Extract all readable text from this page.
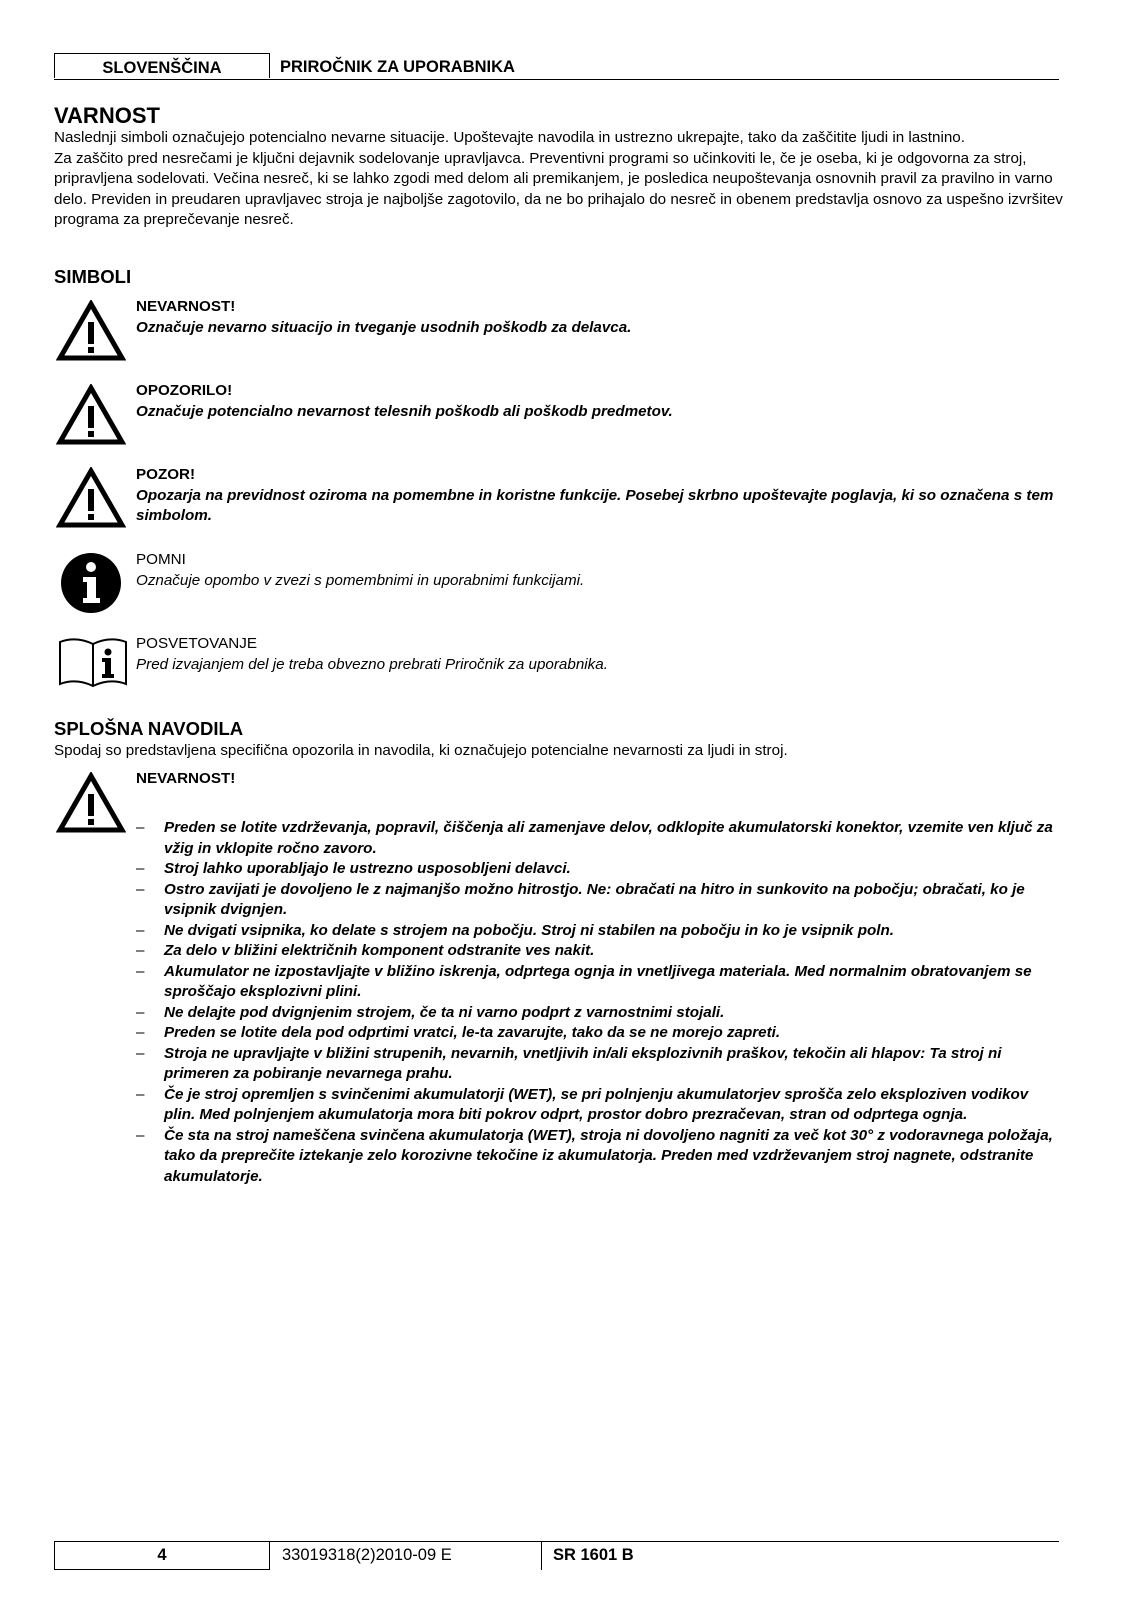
SLOVENŠČINA	PRIROČNIK ZA UPORABNIKA
VARNOST

Naslednji simboli označujejo potencialno nevarne situacije. Upoštevajte navodila in ustrezno ukrepajte, tako da zaščitite ljudi in lastnino.

Za zaščito pred nesrečami je ključni dejavnik sodelovanje upravljavca. Preventivni programi so učinkoviti le, če je oseba, ki je odgovorna za stroj, pripravljena sodelovati. Večina nesreč, ki se lahko zgodi med delom ali premikanjem, je posledica neupoštevanja osnovnih pravil za pravilno in varno delo. Previden in preudaren upravljavec stroja je najboljše zagotovilo, da ne bo prihajalo do nesreč in obenem predstavlja osnovo za uspešno izvršitev programa za preprečevanje nesreč.

SIMBOLI
NEVARNOST!
Označuje nevarno situacijo in tveganje usodnih poškodb za delavca.
OPOZORILO!
Označuje potencialno nevarnost telesnih poškodb ali poškodb predmetov.
POZOR!
Opozarja na previdnost oziroma na pomembne in koristne funkcije. Posebej skrbno upoštevajte poglavja, ki so označena s tem simbolom.
POMNI
Označuje opombo v zvezi s pomembnimi in uporabnimi funkcijami.
POSVETOVANJE
Pred izvajanjem del je treba obvezno prebrati Priročnik za uporabnika.
SPLOŠNA NAVODILA
Spodaj so predstavljena specifična opozorila in navodila, ki označujejo potencialne nevarnosti za ljudi in stroj.
NEVARNOST!
– Preden se lotite vzdrževanja, popravil, čiščenja ali zamenjave delov, odklopite akumulatorski konektor, vzemite ven ključ za vžig in vklopite ročno zavoro.
– Stroj lahko uporabljajo le ustrezno usposobljeni delavci.
– Ostro zavijati je dovoljeno le z najmanjšo možno hitrostjo. Ne: obračati na hitro in sunkovito na pobočju; obračati, ko je vsipnik dvignjen.
– Ne dvigati vsipnika, ko delate s strojem na pobočju. Stroj ni stabilen na pobočju in ko je vsipnik poln.
– Za delo v bližini električnih komponent odstranite ves nakit.
– Akumulator ne izpostavljajte v bližino iskrenja, odprtega ognja in vnetljivega materiala. Med normalnim obratovanjem se sproščajo eksplozivni plini.
– Ne delajte pod dvignjenim strojem, če ta ni varno podprt z varnostnimi stojali.
– Preden se lotite dela pod odprtimi vratci, le-ta zavarujte, tako da se ne morejo zapreti.
– Stroja ne upravljajte v bližini strupenih, nevarnih, vnetljivih in/ali eksplozivnih praškov, tekočin ali hlapov: Ta stroj ni primeren za pobiranje nevarnega prahu.
– Če je stroj opremljen s svinčenimi akumulatorji (WET), se pri polnjenju akumulatorjev sprošča zelo eksploziven vodikov plin. Med polnjenjem akumulatorja mora biti pokrov odprt, prostor dobro prezračevan, stran od odprtega ognja.
– Če sta na stroj nameščena svinčena akumulatorja (WET), stroja ni dovoljeno nagniti za več kot 30° z vodoravnega položaja, tako da preprečite iztekanje zelo korozivne tekočine iz akumulatorja. Preden med vzdrževanjem stroj nagnete, odstranite akumulatorje.
4	33019318(2)2010-09 E	SR 1601 B
